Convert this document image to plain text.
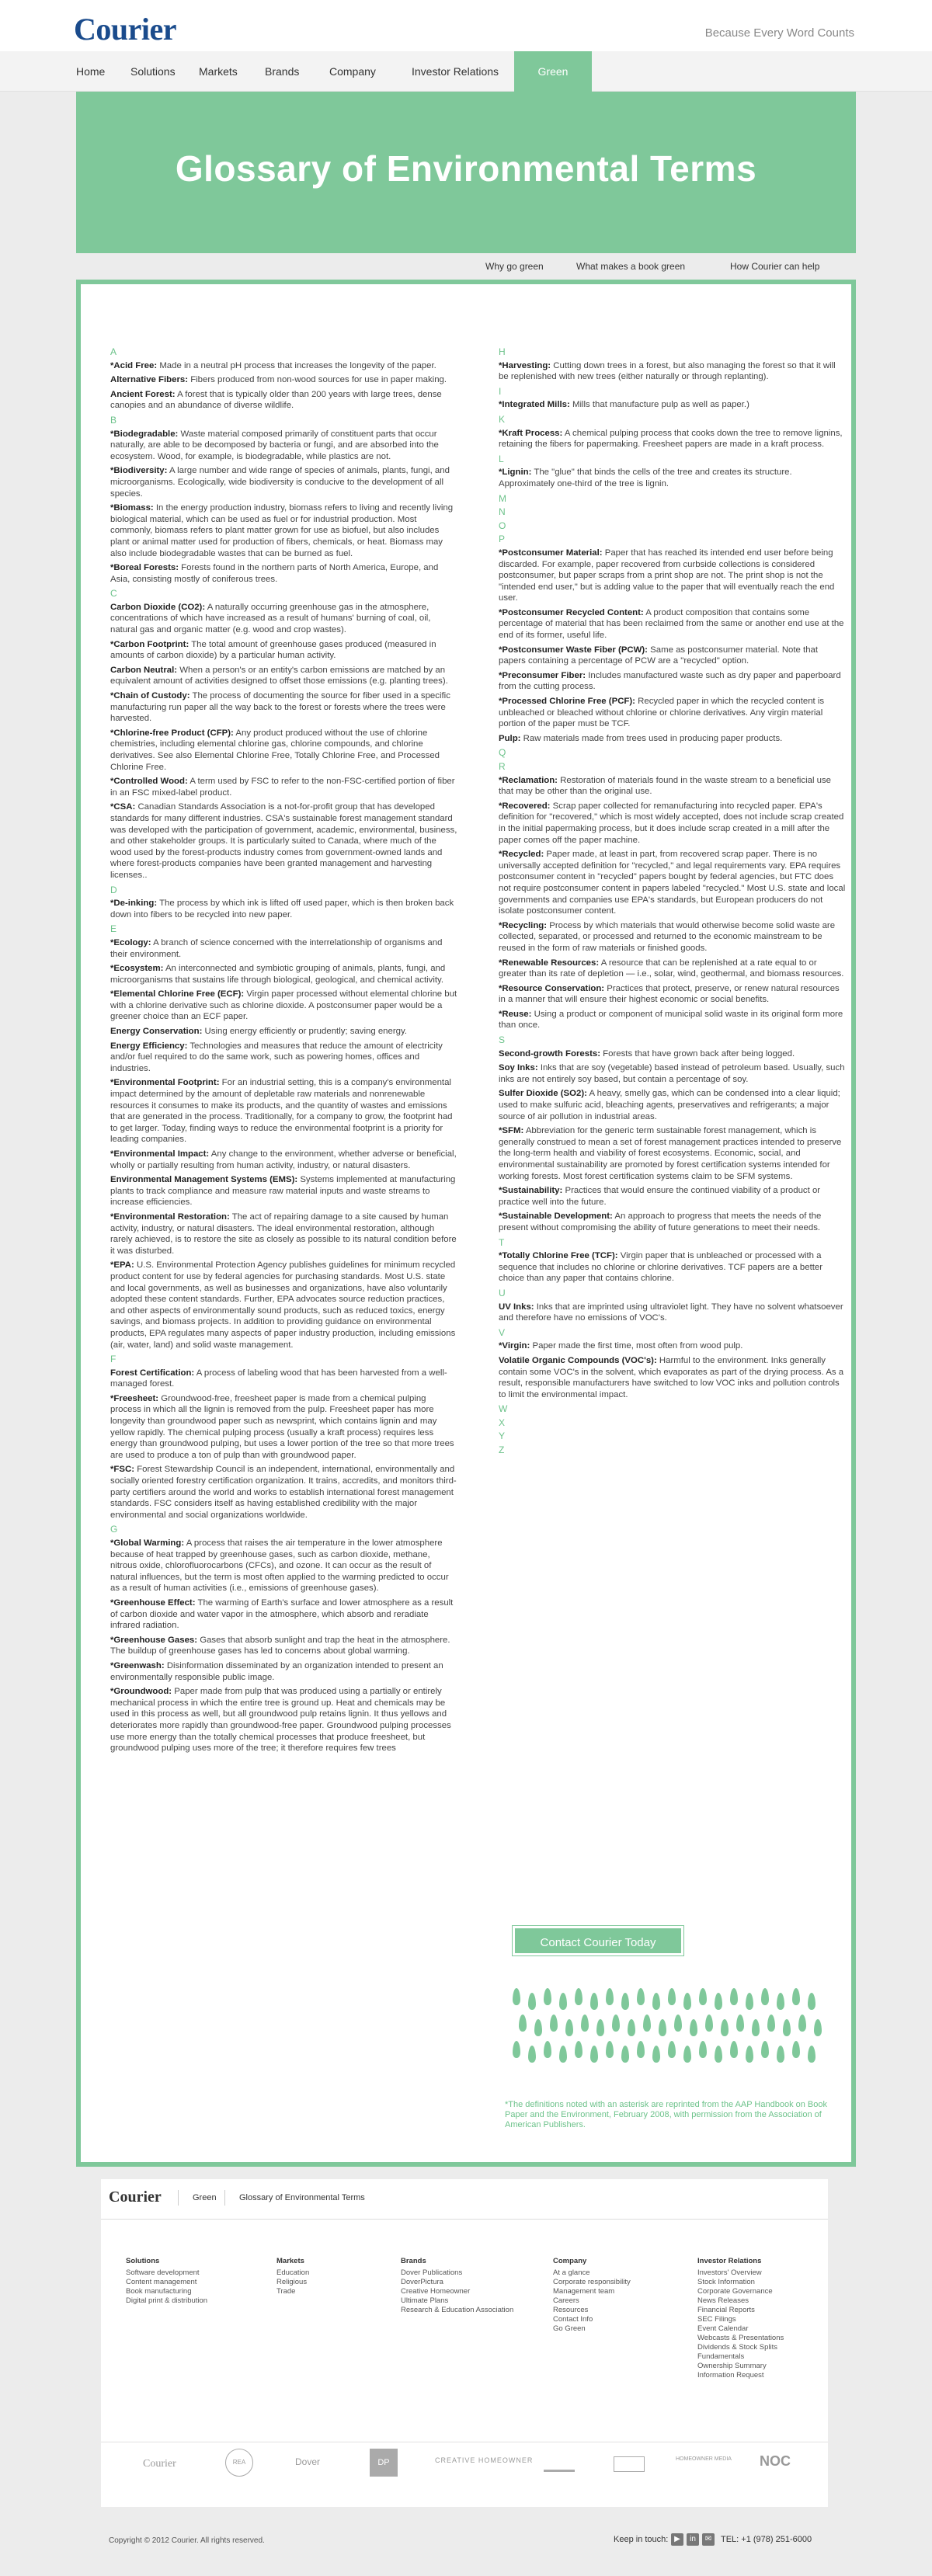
Courier	Because Every Word Counts
Home Solutions Markets	Brands	Company	Investor Relations	Green
Glossary of Environmental Terms
Why go green	What makes a book green	How Courier can help
A
*Acid Free: Made in a neutral pH process that increases the longevity of the paper.
Alternative Fibers: Fibers produced from non-wood sources for use in paper making.
Ancient Forest: A forest that is typically older than 200 years with large trees, dense canopies and an abundance of diverse wildlife.
B
*Biodegradable: Waste material composed primarily of constituent parts that occur naturally, are able to be decomposed by bacteria or fungi, and are absorbed into the ecosystem. Wood, for example, is biodegradable, while plastics are not.
*Biodiversity: A large number and wide range of species of animals, plants, fungi, and microorganisms. Ecologically, wide biodiversity is conducive to the development of all species.
*Biomass: In the energy production industry, biomass refers to living and recently living biological material, which can be used as fuel or for industrial production. Most commonly, biomass refers to plant matter grown for use as biofuel, but also includes plant or animal matter used for production of fibers, chemicals, or heat. Biomass may also include biodegradable wastes that can be burned as fuel.
*Boreal Forests: Forests found in the northern parts of North America, Europe, and Asia, consisting mostly of coniferous trees.
C
Carbon Dioxide (CO2): A naturally occurring greenhouse gas in the atmosphere, concentrations of which have increased as a result of humans' burning of coal, oil, natural gas and organic matter (e.g. wood and crop wastes).
*Carbon Footprint: The total amount of greenhouse gases produced (measured in amounts of carbon dioxide) by a particular human activity.
Carbon Neutral: When a person's or an entity's carbon emissions are matched by an equivalent amount of activities designed to offset those emissions (e.g. planting trees).
*Chain of Custody: The process of documenting the source for fiber used in a specific manufacturing run paper all the way back to the forest or forests where the trees were harvested.
*Chlorine-free Product (CFP): Any product produced without the use of chlorine chemistries, including elemental chlorine gas, chlorine compounds, and chlorine derivatives. See also Elemental Chlorine Free, Totally Chlorine Free, and Processed Chlorine Free.
*Controlled Wood: A term used by FSC to refer to the non-FSC-certified portion of fiber in an FSC mixed-label product.
*CSA: Canadian Standards Association is a not-for-profit group that has developed standards for many different industries. CSA's sustainable forest management standard was developed with the participation of government, academic, environmental, business, and other stakeholder groups. It is particularly suited to Canada, where much of the wood used by the forest-products industry comes from government-owned lands and where forest-products companies have been granted management and harvesting licenses..
D
*De-inking: The process by which ink is lifted off used paper, which is then broken back down into fibers to be recycled into new paper.
E
*Ecology: A branch of science concerned with the interrelationship of organisms and their environment.
*Ecosystem: An interconnected and symbiotic grouping of animals, plants, fungi, and microorganisms that sustains life through biological, geological, and chemical activity.
*Elemental Chlorine Free (ECF): Virgin paper processed without elemental chlorine but with a chlorine derivative such as chlorine dioxide. A postconsumer paper would be a greener choice than an ECF paper.
Energy Conservation: Using energy efficiently or prudently; saving energy.
Energy Efficiency: Technologies and measures that reduce the amount of electricity and/or fuel required to do the same work, such as powering homes, offices and industries.
*Environmental Footprint: For an industrial setting, this is a company's environmental impact determined by the amount of depletable raw materials and nonrenewable resources it consumes to make its products, and the quantity of wastes and emissions that are generated in the process. Traditionally, for a company to grow, the footprint had to get larger. Today, finding ways to reduce the environmental footprint is a priority for leading companies.
*Environmental Impact: Any change to the environment, whether adverse or beneficial, wholly or partially resulting from human activity, industry, or natural disasters.
Environmental Management Systems (EMS): Systems implemented at manufacturing plants to track compliance and measure raw material inputs and waste streams to increase efficiencies.
*Environmental Restoration: The act of repairing damage to a site caused by human activity, industry, or natural disasters. The ideal environmental restoration, although rarely achieved, is to restore the site as closely as possible to its natural condition before it was disturbed.
*EPA: U.S. Environmental Protection Agency publishes guidelines for minimum recycled product content for use by federal agencies for purchasing standards. Most U.S. state and local governments, as well as businesses and organizations, have also voluntarily adopted these content standards. Further, EPA advocates source reduction practices, and other aspects of environmentally sound products, such as reduced toxics, energy savings, and biomass projects. In addition to providing guidance on environmental products, EPA regulates many aspects of paper industry production, including emissions (air, water, land) and solid waste management.
F
Forest Certification: A process of labeling wood that has been harvested from a well-managed forest.
*Freesheet: Groundwood-free, freesheet paper is made from a chemical pulping process in which all the lignin is removed from the pulp. Freesheet paper has more longevity than groundwood paper such as newsprint, which contains lignin and may yellow rapidly. The chemical pulping process (usually a kraft process) requires less energy than groundwood pulping, but uses a lower portion of the tree so that more trees are used to produce a ton of pulp than with groundwood paper.
*FSC: Forest Stewardship Council is an independent, international, environmentally and socially oriented forestry certification organization. It trains, accredits, and monitors third-party certifiers around the world and works to establish international forest management standards. FSC considers itself as having established credibility with the major environmental and social organizations worldwide.
G
*Global Warming: A process that raises the air temperature in the lower atmosphere because of heat trapped by greenhouse gases, such as carbon dioxide, methane, nitrous oxide, chlorofluorocarbons (CFCs), and ozone. It can occur as the result of natural influences, but the term is most often applied to the warming predicted to occur as a result of human activities (i.e., emissions of greenhouse gases).
*Greenhouse Effect: The warming of Earth's surface and lower atmosphere as a result of carbon dioxide and water vapor in the atmosphere, which absorb and reradiate infrared radiation.
*Greenhouse Gases: Gases that absorb sunlight and trap the heat in the atmosphere. The buildup of greenhouse gases has led to concerns about global warming.
*Greenwash: Disinformation disseminated by an organization intended to present an environmentally responsible public image.
*Groundwood: Paper made from pulp that was produced using a partially or entirely mechanical process in which the entire tree is ground up. Heat and chemicals may be used in this process as well, but all groundwood pulp retains lignin. It thus yellows and deteriorates more rapidly than groundwood-free paper. Groundwood pulping processes use more energy than the totally chemical processes that produce freesheet, but groundwood pulping uses more of the tree; it therefore requires few trees
H
*Harvesting: Cutting down trees in a forest, but also managing the forest so that it will be replenished with new trees (either naturally or through replanting).
I
*Integrated Mills: Mills that manufacture pulp as well as paper.)
K
*Kraft Process: A chemical pulping process that cooks down the tree to remove lignins, retaining the fibers for papermaking. Freesheet papers are made in a kraft process.
L
*Lignin: The "glue" that binds the cells of the tree and creates its structure. Approximately one-third of the tree is lignin.
M
N
O
P
*Postconsumer Material: Paper that has reached its intended end user before being discarded. For example, paper recovered from curbside collections is considered postconsumer, but paper scraps from a print shop are not. The print shop is not the "intended end user," but is adding value to the paper that will eventually reach the end user.
*Postconsumer Recycled Content: A product composition that contains some percentage of material that has been reclaimed from the same or another end use at the end of its former, useful life.
*Postconsumer Waste Fiber (PCW): Same as postconsumer material. Note that papers containing a percentage of PCW are a "recycled" option.
*Preconsumer Fiber: Includes manufactured waste such as dry paper and paperboard from the cutting process.
*Processed Chlorine Free (PCF): Recycled paper in which the recycled content is unbleached or bleached without chlorine or chlorine derivatives. Any virgin material portion of the paper must be TCF.
Pulp: Raw materials made from trees used in producing paper products.
Q
R
*Reclamation: Restoration of materials found in the waste stream to a beneficial use that may be other than the original use.
*Recovered: Scrap paper collected for remanufacturing into recycled paper. EPA's definition for "recovered," which is most widely accepted, does not include scrap created in the initial papermaking process, but it does include scrap created in a mill after the paper comes off the paper machine.
*Recycled: Paper made, at least in part, from recovered scrap paper. There is no universally accepted definition for "recycled," and legal requirements vary. EPA requires postconsumer content in "recycled" papers bought by federal agencies, but FTC does not require postconsumer content in papers labeled "recycled." Most U.S. state and local governments and companies use EPA's standards, but European producers do not isolate postconsumer content.
*Recycling: Process by which materials that would otherwise become solid waste are collected, separated, or processed and returned to the economic mainstream to be reused in the form of raw materials or finished goods.
*Renewable Resources: A resource that can be replenished at a rate equal to or greater than its rate of depletion — i.e., solar, wind, geothermal, and biomass resources.
*Resource Conservation: Practices that protect, preserve, or renew natural resources in a manner that will ensure their highest economic or social benefits.
*Reuse: Using a product or component of municipal solid waste in its original form more than once.
S
Second-growth Forests: Forests that have grown back after being logged.
Soy Inks: Inks that are soy (vegetable) based instead of petroleum based. Usually, such inks are not entirely soy based, but contain a percentage of soy.
Sulfer Dioxide (SO2): A heavy, smelly gas, which can be condensed into a clear liquid; used to make sulfuric acid, bleaching agents, preservatives and refrigerants; a major source of air pollution in industrial areas.
*SFM: Abbreviation for the generic term sustainable forest management, which is generally construed to mean a set of forest management practices intended to preserve the long-term health and viability of forest ecosystems. Economic, social, and environmental sustainability are promoted by forest certification systems intended for working forests. Most forest certification systems claim to be SFM systems.
*Sustainability: Practices that would ensure the continued viability of a product or practice well into the future.
*Sustainable Development: An approach to progress that meets the needs of the present without compromising the ability of future generations to meet their needs.
T
*Totally Chlorine Free (TCF): Virgin paper that is unbleached or processed with a sequence that includes no chlorine or chlorine derivatives. TCF papers are a better choice than any paper that contains chlorine.
U
UV Inks: Inks that are imprinted using ultraviolet light. They have no solvent whatsoever and therefore have no emissions of VOC's.
V
*Virgin: Paper made the first time, most often from wood pulp.
Volatile Organic Compounds (VOC's): Harmful to the environment. Inks generally contain some VOC's in the solvent, which evaporates as part of the drying process. As a result, responsible manufacturers have switched to low VOC inks and pollution controls to limit the environmental impact.
W
X
Y
Z
Contact Courier Today
*The definitions noted with an asterisk are reprinted from the AAP Handbook on Book Paper and the Environment, February 2008, with permission from the Association of American Publishers.
Courier	Green	Glossary of Environmental Terms
Solutions
Software development
Content management
Book manufacturing
Digital print & distribution
Markets
Education
Religious
Trade
Brands
Dover Publications
DoverPictura
Creative Homeowner
Ultimate Plans
Research & Education Association
Company
At a glance
Corporate responsibility
Management team
Careers
Resources
Contact Info
Go Green
Investor Relations
Investors' Overview
Stock Information
Corporate Governance
News Releases
Financial Reports
SEC Filings
Event Calendar
Webcasts & Presentations
Dividends & Stock Splits
Fundamentals
Ownership Summary
Information Request
Courier	REA	Dover	DP	CREATIVE HOMEOWNER	HOMEOWNER MEDIA NOC
Copyright © 2012 Courier. All rights reserved.	Keep in touch: ▶	in	✉	TEL: +1 (978) 251-6000
